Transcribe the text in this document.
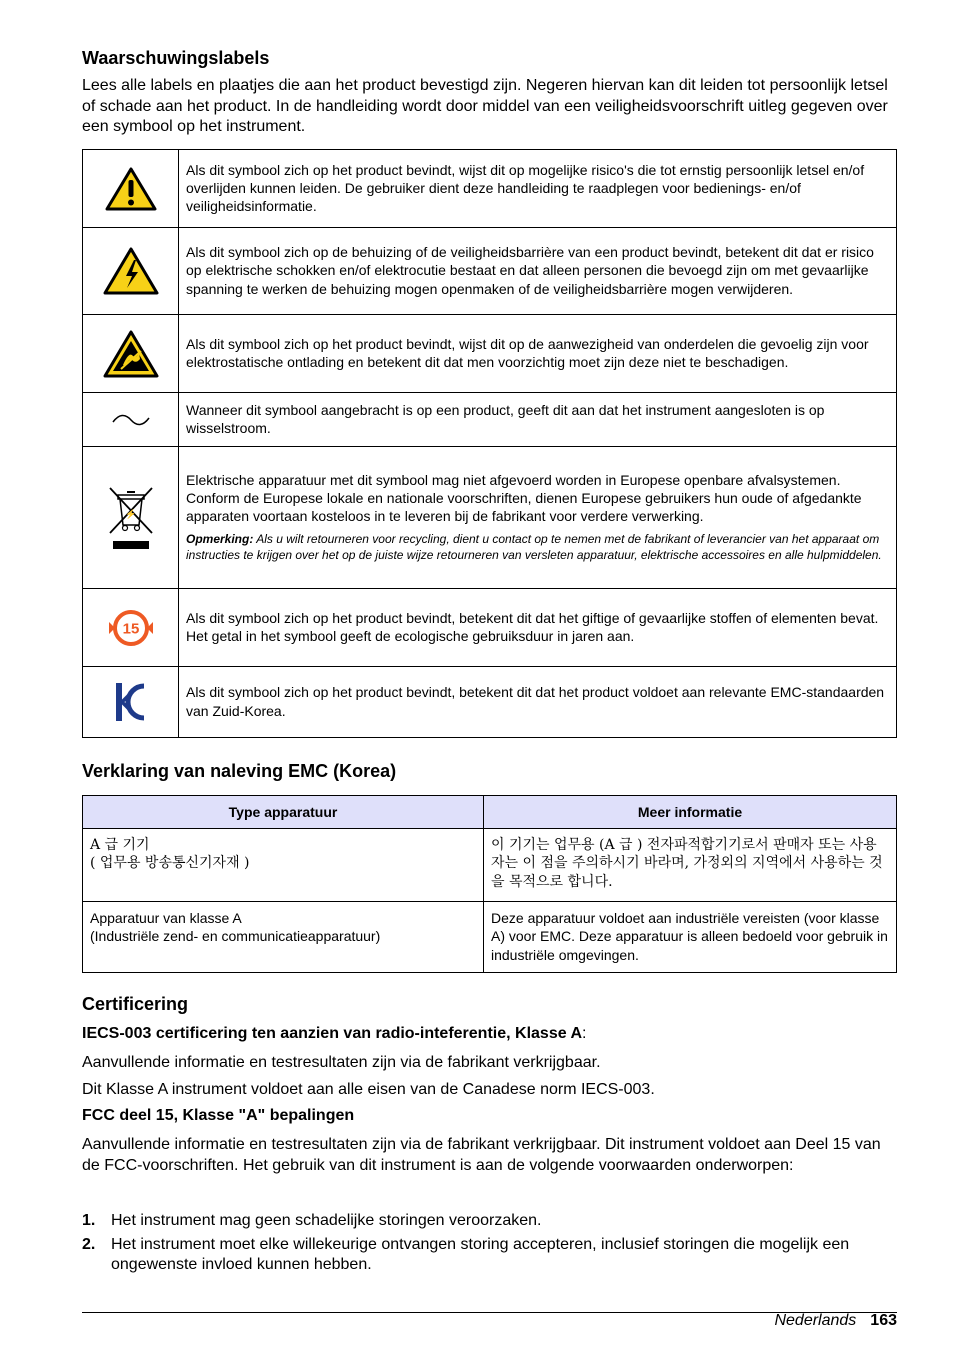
Waarschuwingslabels

Lees alle labels en plaatjes die aan het product bevestigd zijn. Negeren hiervan kan dit leiden tot persoonlijk letsel of schade aan het product. In de handleiding wordt door middel van een veiligheidsvoorschrift uitleg gegeven over een symbool op het instrument.

	Als dit symbool zich op het product bevindt, wijst dit op mogelijke risico's die tot ernstig persoonlijk letsel en/of overlijden kunnen leiden. De gebruiker dient deze handleiding te raadplegen voor bedienings- en/of veiligheidsinformatie.

	Als dit symbool zich op de behuizing of de veiligheidsbarrière van een product bevindt, betekent dit dat er risico op elektrische schokken en/of elektrocutie bestaat en dat alleen personen die bevoegd zijn om met gevaarlijke spanning te werken de behuizing mogen openmaken of de veiligheidsbarrière mogen verwijderen.

	Als dit symbool zich op het product bevindt, wijst dit op de aanwezigheid van onderdelen die gevoelig zijn voor elektrostatische ontlading en betekent dit dat men voorzichtig moet zijn deze niet te beschadigen.

	Wanneer dit symbool aangebracht is op een product, geeft dit aan dat het instrument aangesloten is op wisselstroom.

⚡	Elektrische apparatuur met dit symbool mag niet afgevoerd worden in Europese openbare afvalsystemen. Conform de Europese lokale en nationale voorschriften, dienen Europese gebruikers hun oude of afgedankte apparaten voortaan kosteloos in te leveren bij de fabrikant voor verdere verwerking.
Opmerking: Als u wilt retourneren voor recycling, dient u contact op te nemen met de fabrikant of leverancier van het apparaat om instructies te krijgen over het op de juiste wijze retourneren van versleten apparatuur, elektrische accessoires en alle hulpmiddelen.

15	Als dit symbool zich op het product bevindt, betekent dit dat het giftige of gevaarlijke stoffen of elementen bevat. Het getal in het symbool geeft de ecologische gebruiksduur in jaren aan.

	Als dit symbool zich op het product bevindt, betekent dit dat het product voldoet aan relevante EMC-standaarden van Zuid-Korea.
Verklaring van naleving EMC (Korea)
Type apparatuur	Meer informatie

A 급 기기
( 업무용 방송통신기자재 )	이 기기는 업무용 (A 급 ) 전자파적합기기로서 판매자 또는 사용자는 이 점을 주의하시기 바라며, 가정외의 지역에서 사용하는 것을 목적으로 합니다.

Apparatuur van klasse A
(Industriële zend- en communicatieapparatuur)	Deze apparatuur voldoet aan industriële vereisten (voor klasse A) voor EMC. Deze apparatuur is alleen bedoeld voor gebruik in industriële omgevingen.
Certificering
IECS-003 certificering ten aanzien van radio-inteferentie, Klasse A:

Aanvullende informatie en testresultaten zijn via de fabrikant verkrijgbaar.

Dit Klasse A instrument voldoet aan alle eisen van de Canadese norm IECS-003.

FCC deel 15, Klasse "A" bepalingen

Aanvullende informatie en testresultaten zijn via de fabrikant verkrijgbaar. Dit instrument voldoet aan Deel 15 van de FCC-voorschriften. Het gebruik van dit instrument is aan de volgende voorwaarden onderworpen:

1. Het instrument mag geen schadelijke storingen veroorzaken.
2. Het instrument moet elke willekeurige ontvangen storing accepteren, inclusief storingen die mogelijk een ongewenste invloed kunnen hebben.
Nederlands 163
